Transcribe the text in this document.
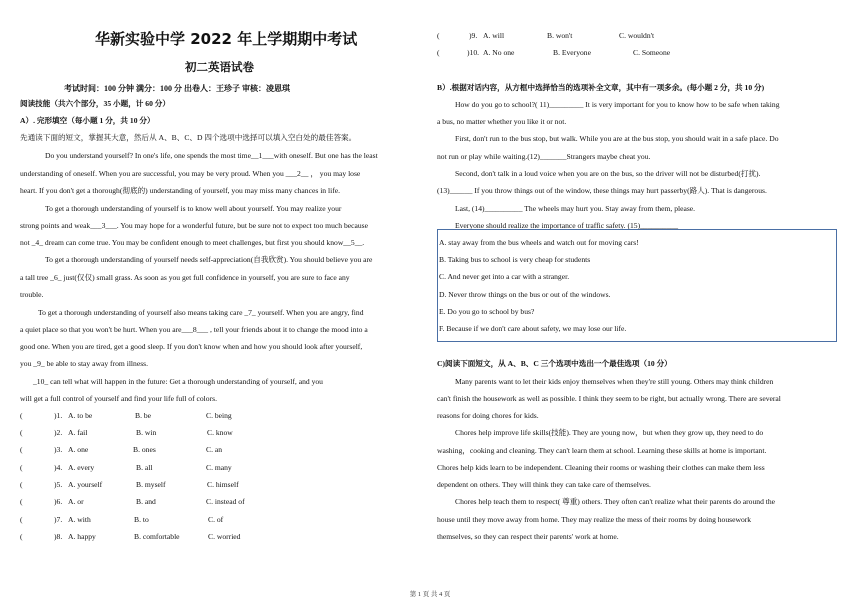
华新实验中学 2022 年上学期期中考试
初二英语试卷
考试时间：100 分钟 满分：100 分 出卷人：王珍子 审核：凌恩琪
阅读技能（共六个部分，35 小题，计 60 分）
A）. 完形填空（每小题 1 分，共 10 分）
先通读下面的短文，掌握其大意，然后从 A、B、C、D 四个选项中选择可以填入空白处的最佳答案。
Do you understand yourself? In one's life, one spends the most time__1___with oneself. But one has the least
understanding of oneself. When you are successful, you may be very proud. When you ___2__ ， you may lose
heart. If you don't get a thorough(彻底的) understanding of yourself, you may miss many chances in life.
To get a thorough understanding of yourself is to know well about yourself. You may realize your
strong points and weak___3___. You may hope for a wonderful future, but be sure not to expect too much because
not _4_ dream can come true. You may be confident enough to meet challenges, but first you should know__5__.
To get a thorough understanding of yourself needs self-appreciation(自我欣赏). You should believe you are
a tall tree _6_ just(仅仅) small grass. As soon as you get full confidence in yourself, you are sure to face any
trouble.
To get a thorough understanding of yourself also means taking care _7_ yourself. When you are angry, find
a quiet place so that you won't be hurt. When you are___8___ , tell your friends about it to change the mood into a
good one. When you are tired, get a good sleep. If you don't know when and how you should look after yourself,
you _9_ be able to stay away from illness.
_10_ can tell what will happen in the future: Get a thorough understanding of yourself, and you
will get a full control of yourself and find your life full of colors.
(	)1. A. to be	B. be	C. being
(	)2. A. fail	B. win	C. know
(	)3. A. one	B. ones	C. an
(	)4. A. every	B. all	C. many
(	)5. A. yourself	B. myself	C. himself
(	)6. A. or	B. and	C. instead of
(	)7. A. with	B. to	C. of
(	)8. A. happy	B. comfortable	C. worried
(	)9. A. will	B. won't	C. wouldn't
(	)10. A. No one	B. Everyone	C. Someone
B）.根据对话内容，从方框中选择恰当的选项补全文章，其中有一项多余。(每小题 2 分，共 10 分)
How do you go to school?( 11)_________ It is very important for you to know how to be safe when taking
a bus, no matter whether you like it or not.
First, don't run to the bus stop, but walk. While you are at the bus stop, you should wait in a safe place. Do
not run or play while waiting.(12)_______Strangers maybe cheat you.
Second, don't talk in a loud voice when you are on the bus, so the driver will not be disturbed(打扰).
(13)______ If you throw things out of the window, these things may hurt passerby(路人). That is dangerous.
Last, (14)__________ The wheels may hurt you. Stay away from them, please.
Everyone should realize the importance of traffic safety. (15)__________
A. stay away from the bus wheels and watch out for moving cars!
B. Taking bus to school is very cheap for students
C. And never get into a car with a stranger.
D. Never throw things on the bus or out of the windows.
E. Do you go to school by bus?
F. Because if we don't care about safety, we may lose our life.
C)阅读下面短文，从 A、B、C 三个选项中选出一个最佳选项（10 分）
Many parents want to let their kids enjoy themselves when they're still young. Others may think children
can't finish the housework as well as possible. I think they seem to be right, but actually wrong. There are several
reasons for doing chores for kids.
Chores help improve life skills(技能). They are young now，but when they grow up, they need to do
washing，cooking and cleaning. They can't learn them at school. Learning these skills at home is important.
Chores help kids learn to be independent. Cleaning their rooms or washing their clothes can make them less
dependent on others. They will think they can take care of themselves.
Chores help teach them to respect( 尊重) others. They often can't realize what their parents do around the
house until they move away from home. They may realize the mess of their rooms by doing housework
themselves, so they can respect their parents' work at home.
第 1 页 共 4 页
